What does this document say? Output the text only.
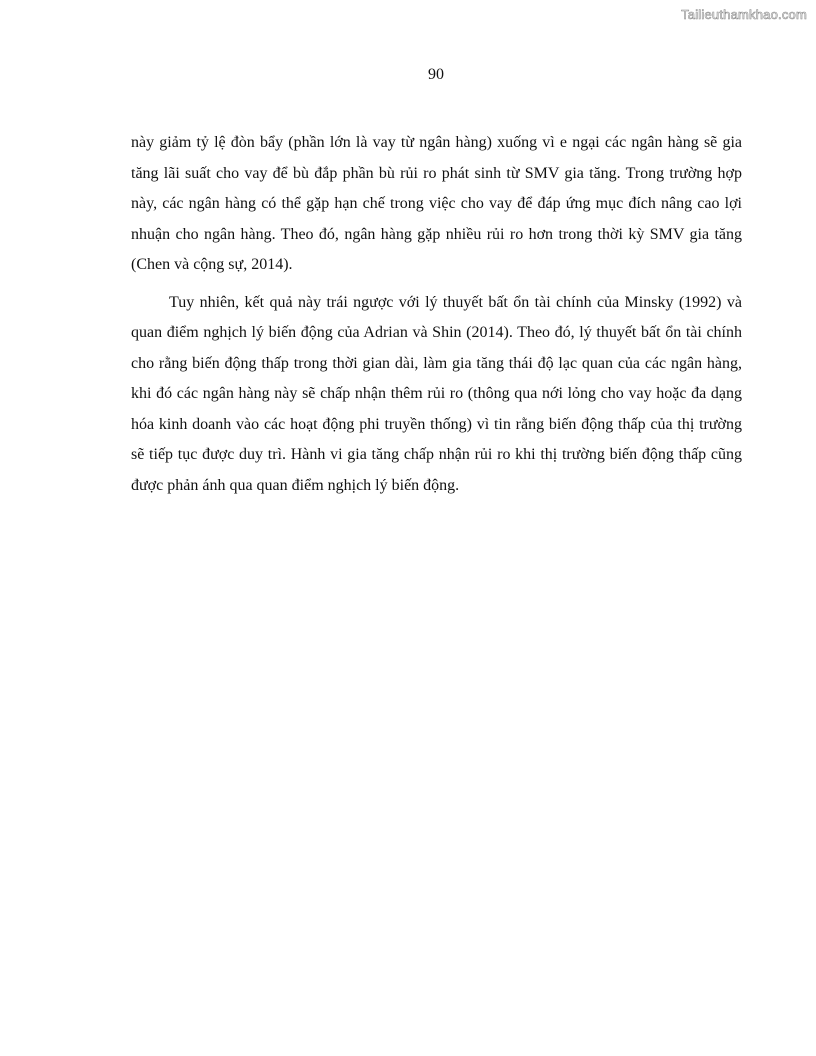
Tailieuthamkhao.com
90

này giảm tỷ lệ đòn bẩy (phần lớn là vay từ ngân hàng) xuống vì e ngại các ngân hàng sẽ gia tăng lãi suất cho vay để bù đắp phần bù rủi ro phát sinh từ SMV gia tăng. Trong trường hợp này, các ngân hàng có thể gặp hạn chế trong việc cho vay để đáp ứng mục đích nâng cao lợi nhuận cho ngân hàng. Theo đó, ngân hàng gặp nhiều rủi ro hơn trong thời kỳ SMV gia tăng (Chen và cộng sự, 2014).

Tuy nhiên, kết quả này trái ngược với lý thuyết bất ổn tài chính của Minsky (1992) và quan điểm nghịch lý biến động của Adrian và Shin (2014). Theo đó, lý thuyết bất ổn tài chính cho rằng biến động thấp trong thời gian dài, làm gia tăng thái độ lạc quan của các ngân hàng, khi đó các ngân hàng này sẽ chấp nhận thêm rủi ro (thông qua nới lỏng cho vay hoặc đa dạng hóa kinh doanh vào các hoạt động phi truyền thống) vì tin rằng biến động thấp của thị trường sẽ tiếp tục được duy trì. Hành vi gia tăng chấp nhận rủi ro khi thị trường biến động thấp cũng được phản ánh qua quan điểm nghịch lý biến động.
